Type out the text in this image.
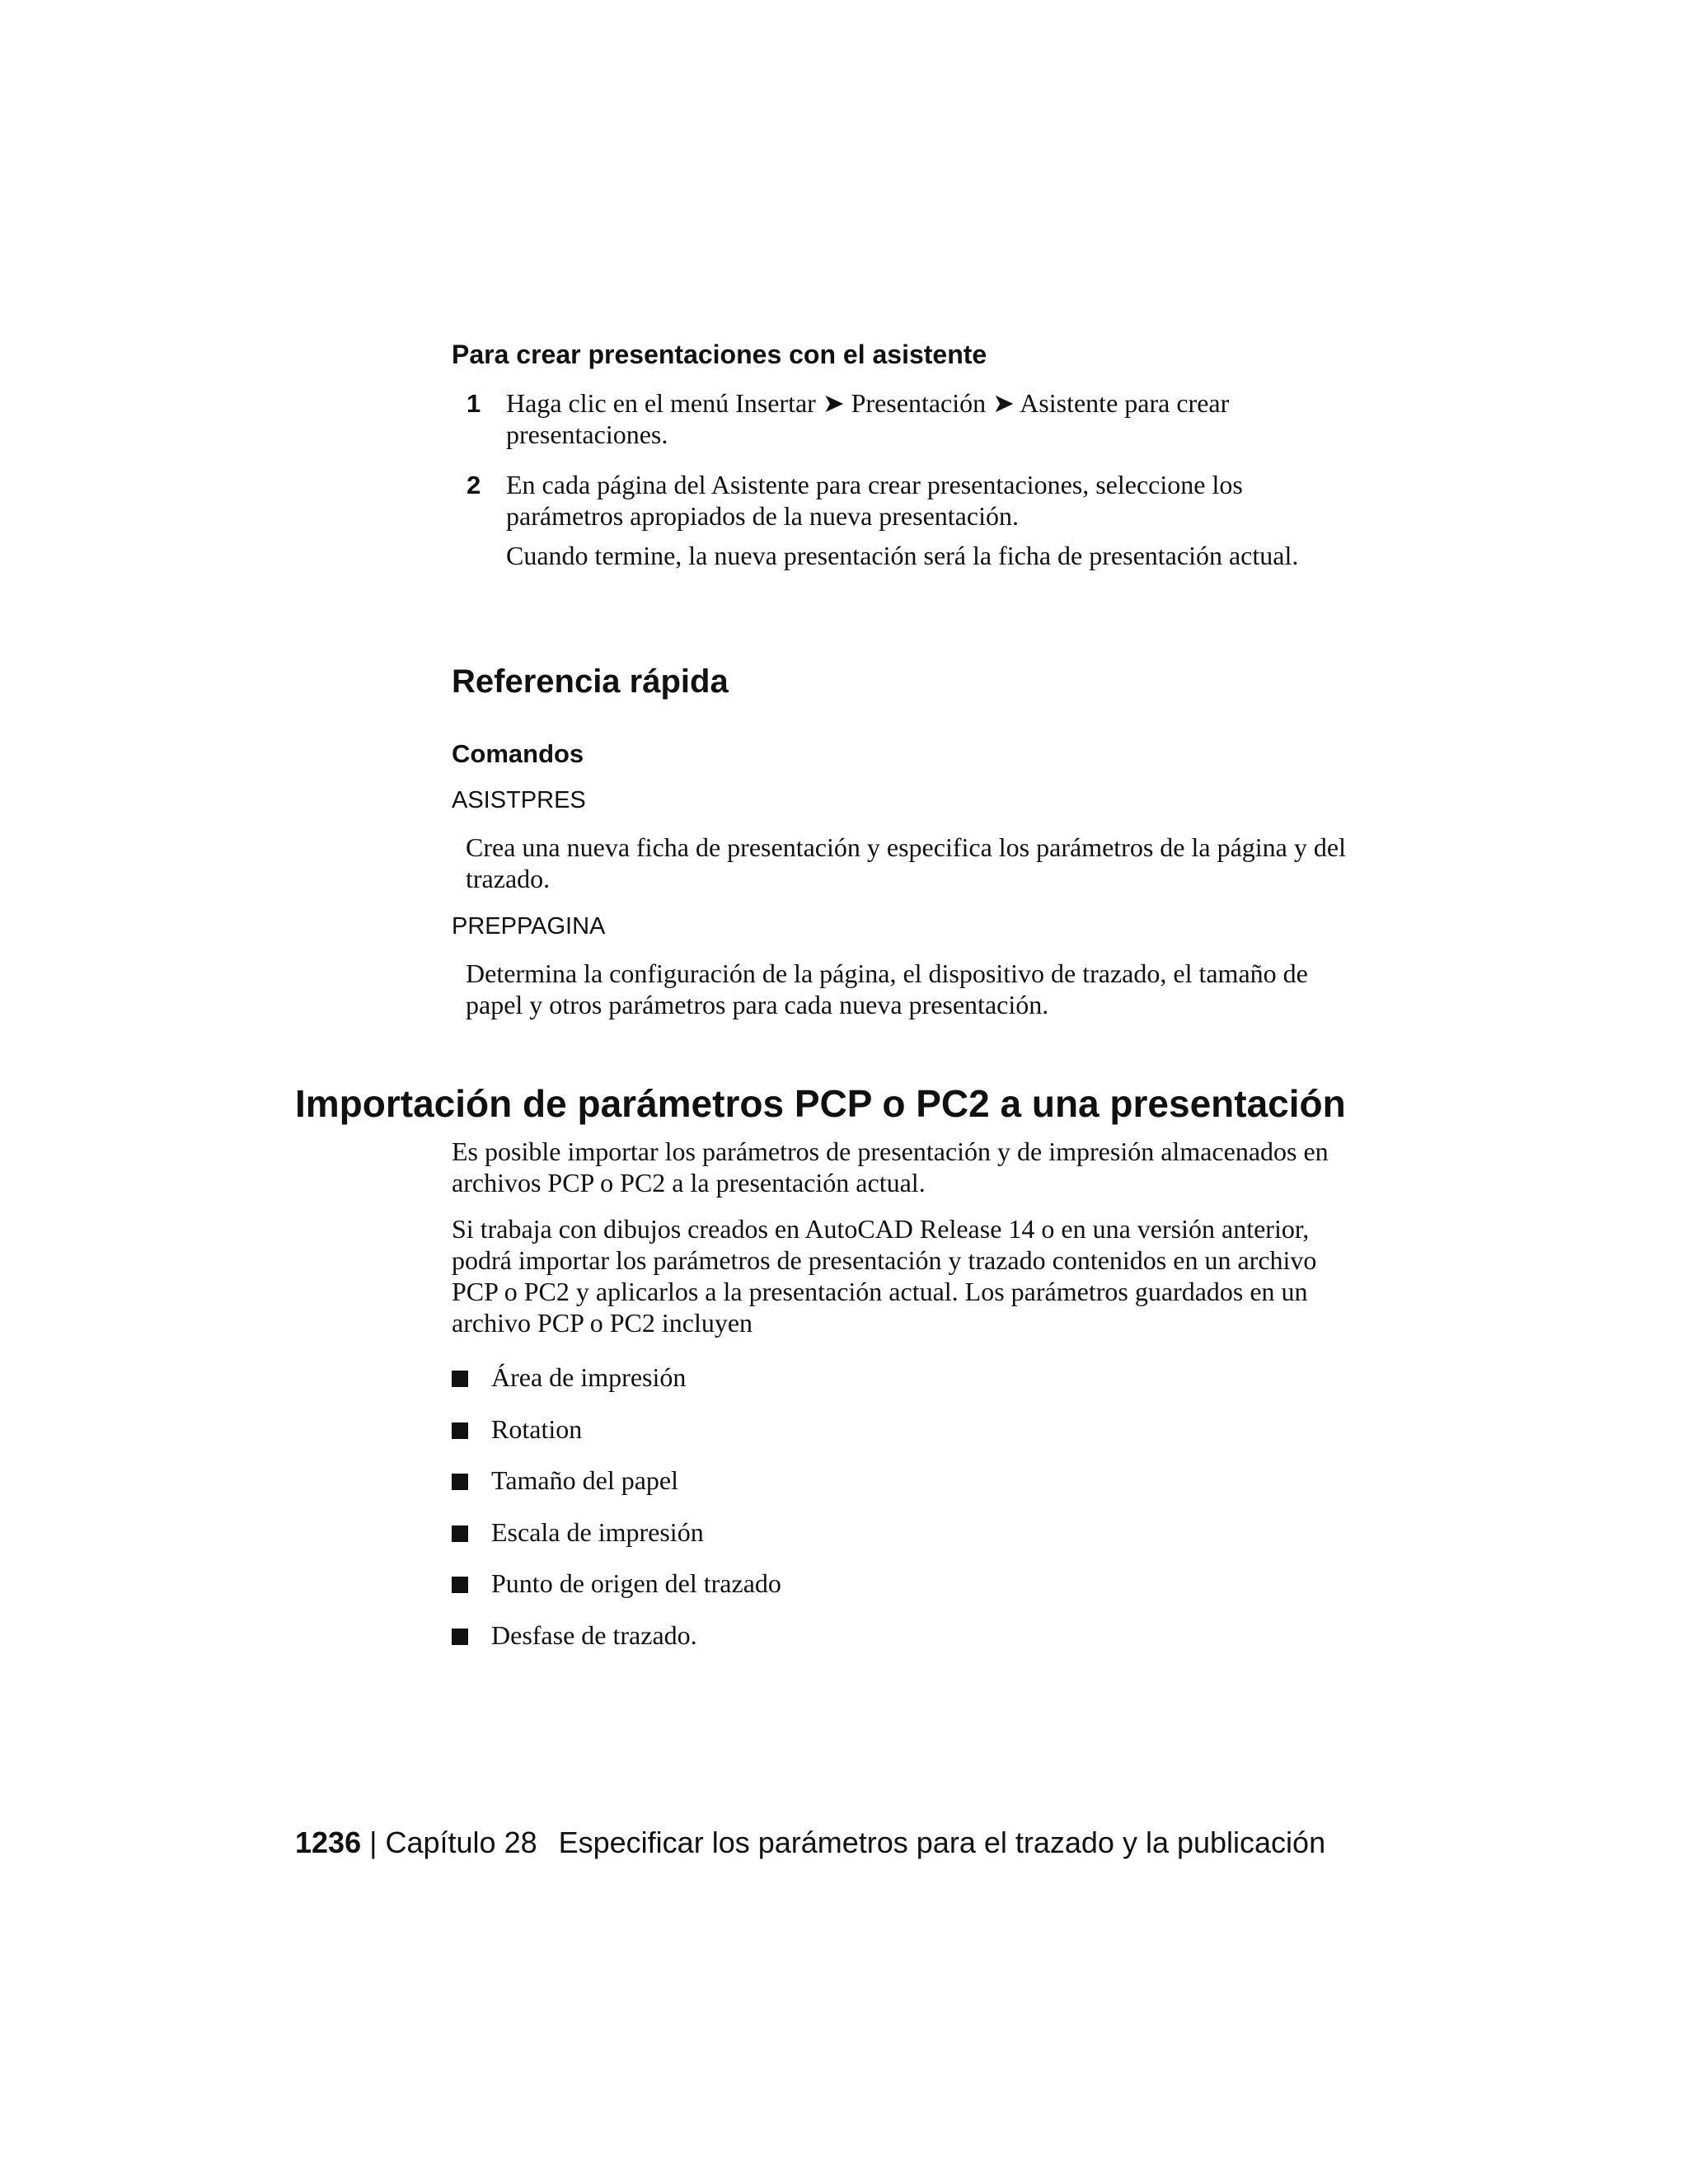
Para crear presentaciones con el asistente
1 Haga clic en el menú Insertar ➤ Presentación ➤ Asistente para crear presentaciones.
2 En cada página del Asistente para crear presentaciones, seleccione los parámetros apropiados de la nueva presentación.
Cuando termine, la nueva presentación será la ficha de presentación actual.
Referencia rápida
Comandos
ASISTPRES
Crea una nueva ficha de presentación y especifica los parámetros de la página y del trazado.
PREPPAGINA
Determina la configuración de la página, el dispositivo de trazado, el tamaño de papel y otros parámetros para cada nueva presentación.
Importación de parámetros PCP o PC2 a una presentación
Es posible importar los parámetros de presentación y de impresión almacenados en archivos PCP o PC2 a la presentación actual.
Si trabaja con dibujos creados en AutoCAD Release 14 o en una versión anterior, podrá importar los parámetros de presentación y trazado contenidos en un archivo PCP o PC2 y aplicarlos a la presentación actual. Los parámetros guardados en un archivo PCP o PC2 incluyen
Área de impresión
Rotation
Tamaño del papel
Escala de impresión
Punto de origen del trazado
Desfase de trazado.
1236 | Capítulo 28 Especificar los parámetros para el trazado y la publicación
